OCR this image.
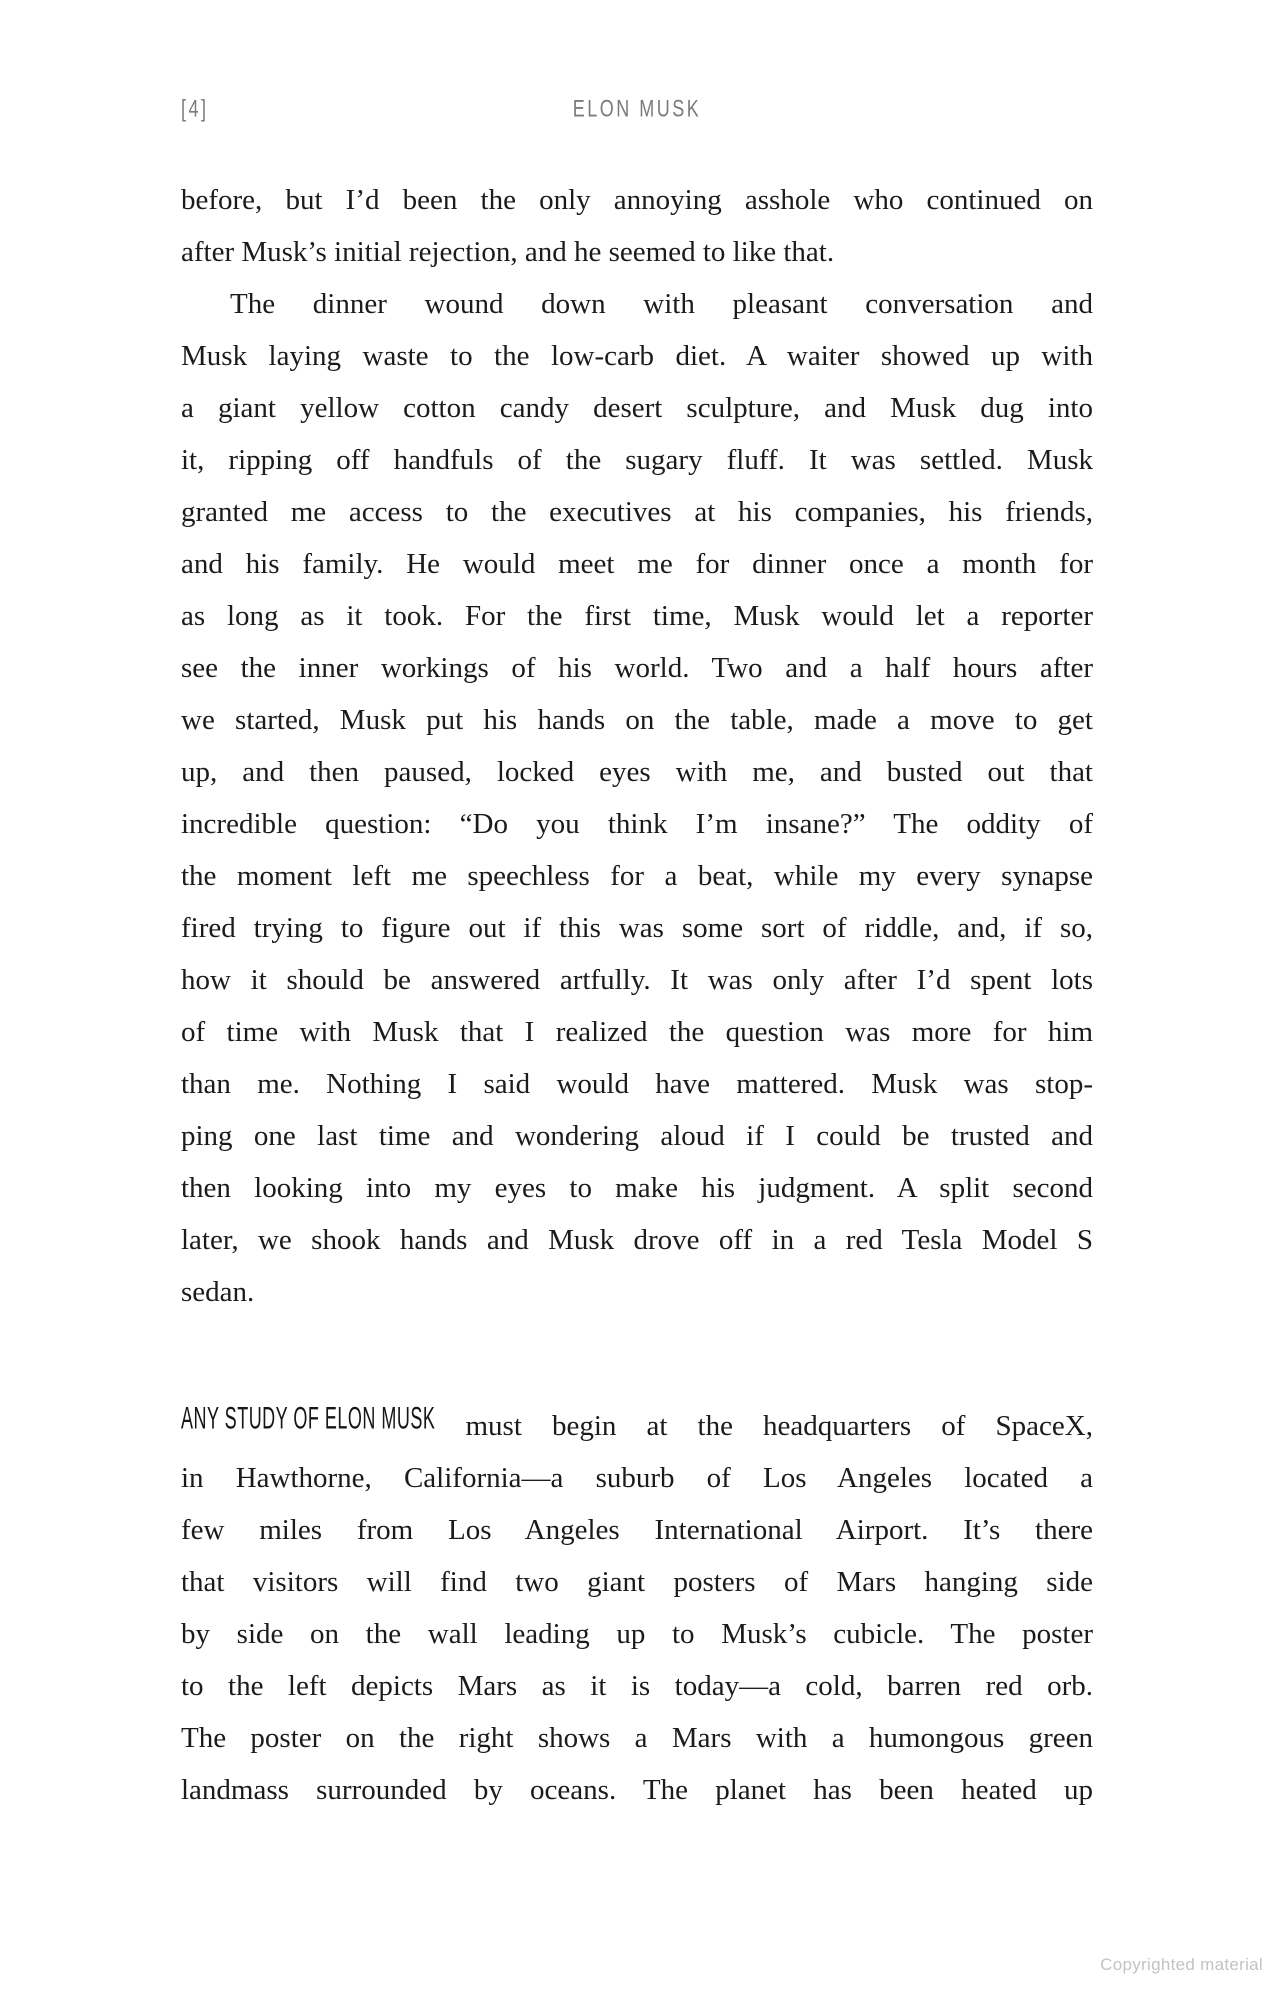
[4]	ELON MUSK
before, but I’d been the only annoying asshole who continued on
after Musk’s initial rejection, and he seemed to like that.
The dinner wound down with pleasant conversation and
Musk laying waste to the low-carb diet. A waiter showed up with
a giant yellow cotton candy desert sculpture, and Musk dug into
it, ripping off handfuls of the sugary fluff. It was settled. Musk
granted me access to the executives at his companies, his friends,
and his family. He would meet me for dinner once a month for
as long as it took. For the first time, Musk would let a reporter
see the inner workings of his world. Two and a half hours after
we started, Musk put his hands on the table, made a move to get
up, and then paused, locked eyes with me, and busted out that
incredible question: “Do you think I’m insane?” The oddity of
the moment left me speechless for a beat, while my every synapse
fired trying to figure out if this was some sort of riddle, and, if so,
how it should be answered artfully. It was only after I’d spent lots
of time with Musk that I realized the question was more for him
than me. Nothing I said would have mattered. Musk was stop-
ping one last time and wondering aloud if I could be trusted and
then looking into my eyes to make his judgment. A split second
later, we shook hands and Musk drove off in a red Tesla Model S
sedan.
ANY STUDY OF ELON MUSK must begin at the headquarters of SpaceX,
in Hawthorne, California—a suburb of Los Angeles located a
few miles from Los Angeles International Airport. It’s there
that visitors will find two giant posters of Mars hanging side
by side on the wall leading up to Musk’s cubicle. The poster
to the left depicts Mars as it is today—a cold, barren red orb.
The poster on the right shows a Mars with a humongous green
landmass surrounded by oceans. The planet has been heated up
Copyrighted material
